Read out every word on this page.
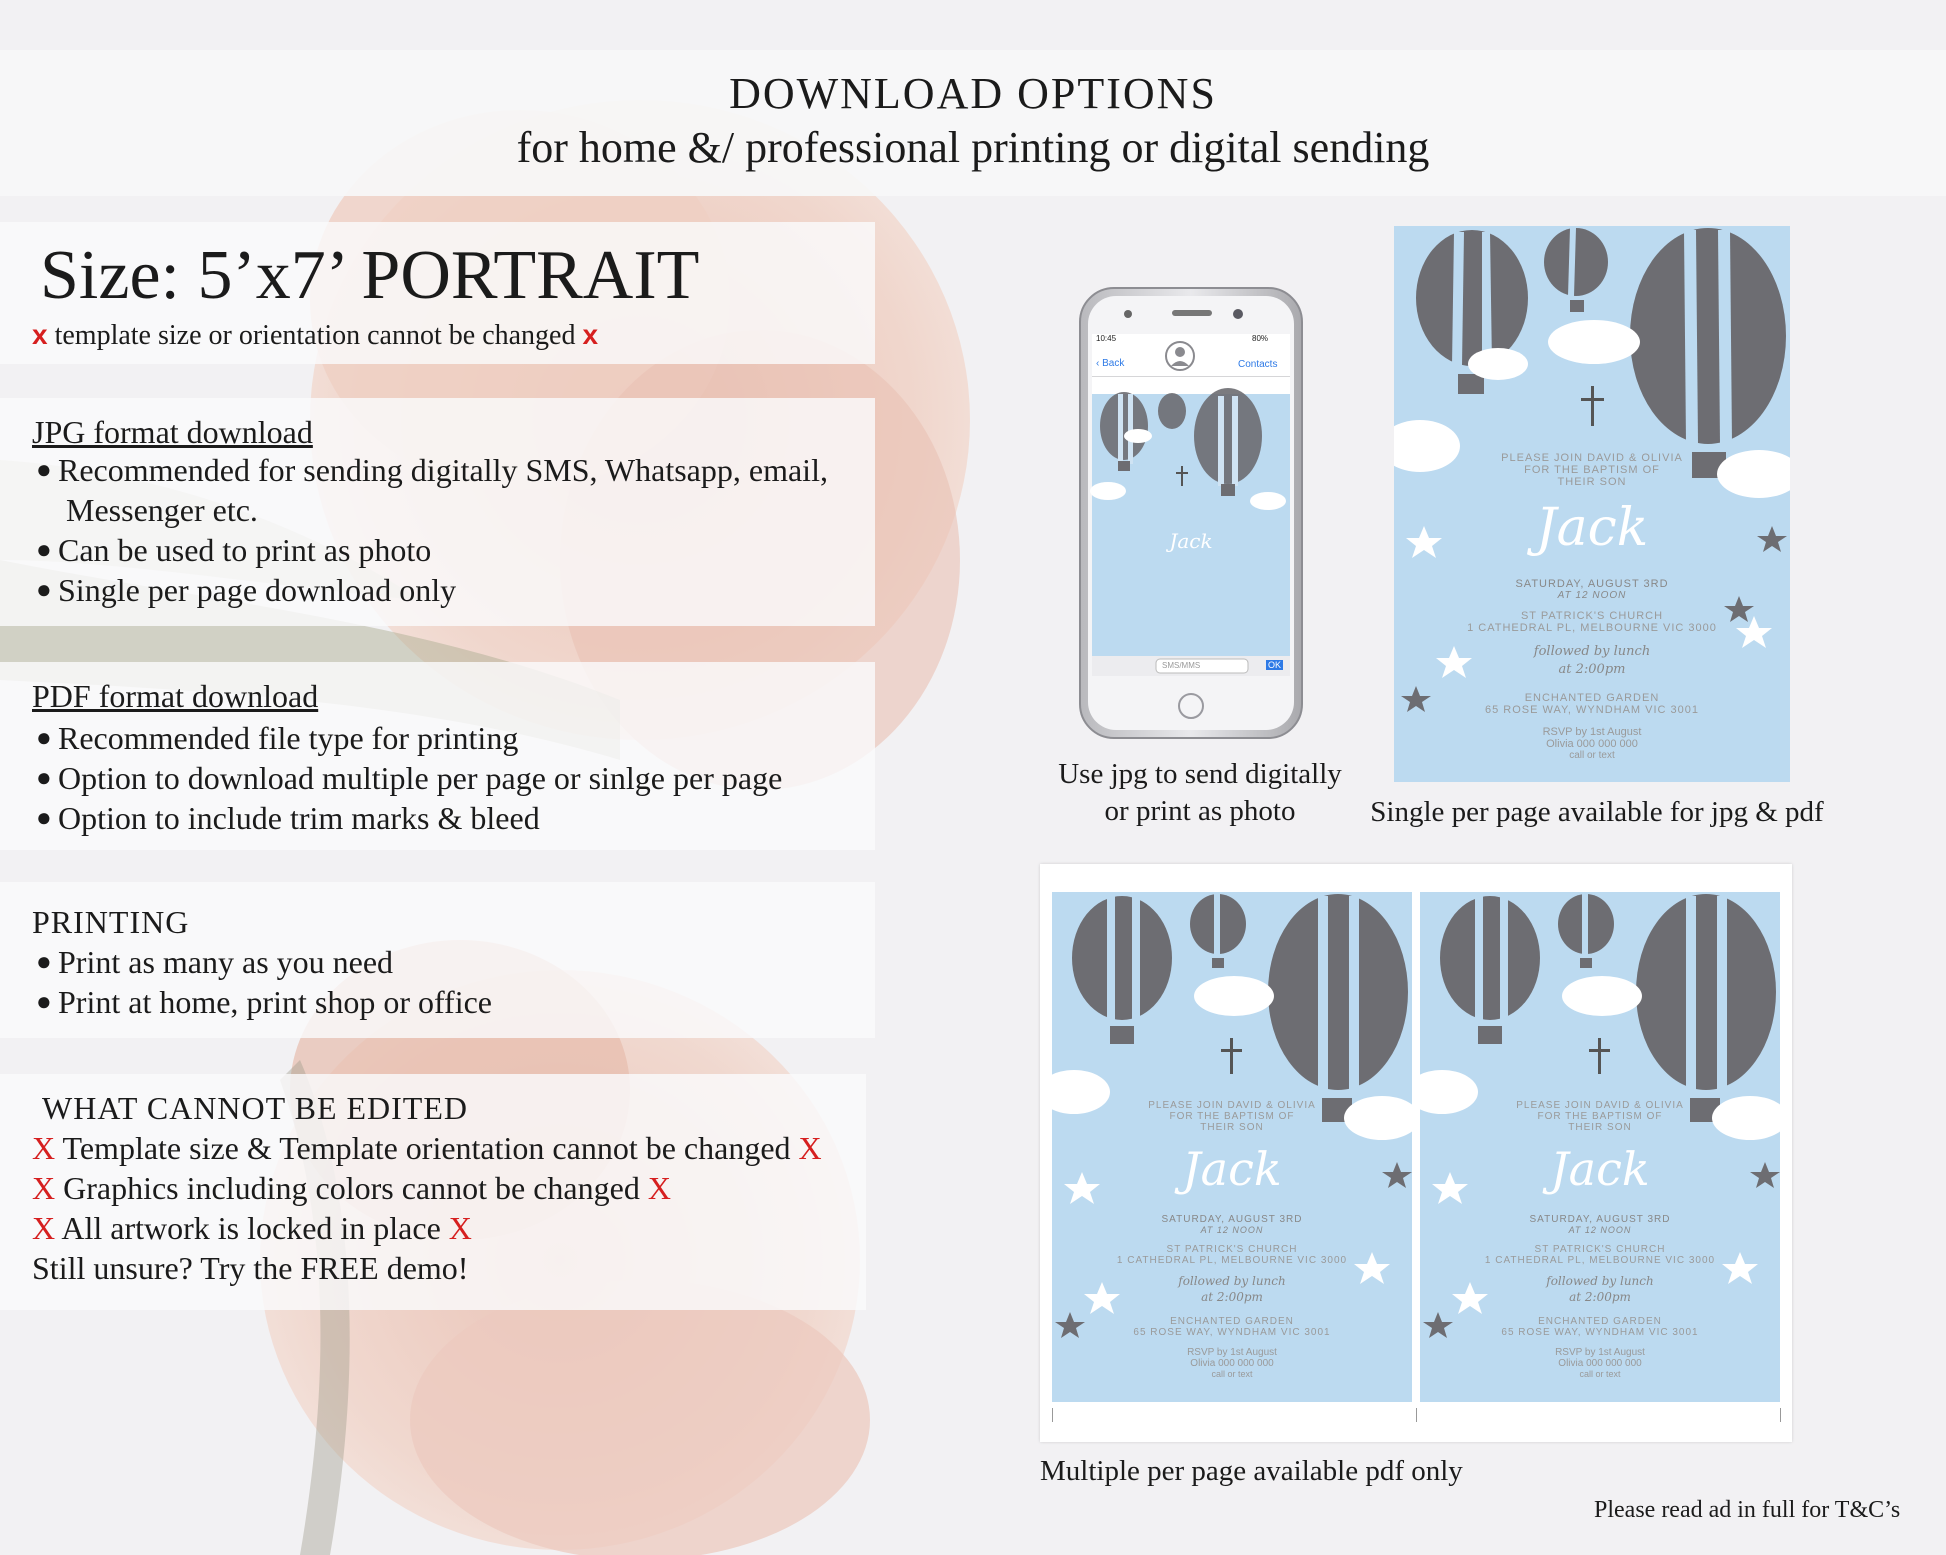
DOWNLOAD OPTIONS
for home &/ professional printing or digital sending
Size: 5’x7’ PORTRAIT
x template size or orientation cannot be changed x
JPG format download
● Recommended for sending digitally SMS, Whatsapp, email,
Messenger etc.
● Can be used to print as photo
● Single per page download only
PDF format download
● Recommended file type for printing
● Option to download multiple per page or sinlge per page
● Option to include trim marks & bleed
PRINTING
● Print as many as you need
● Print at home, print shop or office
WHAT CANNOT BE EDITED
X Template size & Template orientation cannot be changed X
X Graphics including colors cannot be changed X
X All artwork is locked in place X
Still unsure? Try the FREE demo!
Jack
10:45	80%
‹ Back	Contacts
SMS/MMS	OK
Use jpg to send digitally
or print as photo
PLEASE JOIN DAVID & OLIVIA
FOR THE BAPTISM OF
THEIR SON
Jack
SATURDAY, AUGUST 3RD
AT 12 NOON
ST PATRICK'S CHURCH
1 CATHEDRAL PL, MELBOURNE VIC 3000
followed by lunch
at 2:00pm
ENCHANTED GARDEN
65 ROSE WAY, WYNDHAM VIC 3001
RSVP by 1st August
Olivia 000 000 000
call or text
Single per page available for jpg & pdf
PLEASE JOIN DAVID & OLIVIA
FOR THE BAPTISM OF
THEIR SON
Jack
SATURDAY, AUGUST 3RD
AT 12 NOON
ST PATRICK'S CHURCH
1 CATHEDRAL PL, MELBOURNE VIC 3000
followed by lunch
at 2:00pm
ENCHANTED GARDEN
65 ROSE WAY, WYNDHAM VIC 3001
RSVP by 1st August
Olivia 000 000 000
call or text
PLEASE JOIN DAVID & OLIVIA
FOR THE BAPTISM OF
THEIR SON
Jack
SATURDAY, AUGUST 3RD
AT 12 NOON
ST PATRICK'S CHURCH
1 CATHEDRAL PL, MELBOURNE VIC 3000
followed by lunch
at 2:00pm
ENCHANTED GARDEN
65 ROSE WAY, WYNDHAM VIC 3001
RSVP by 1st August
Olivia 000 000 000
call or text
Multiple per page available pdf only
Please read ad in full for T&C’s
